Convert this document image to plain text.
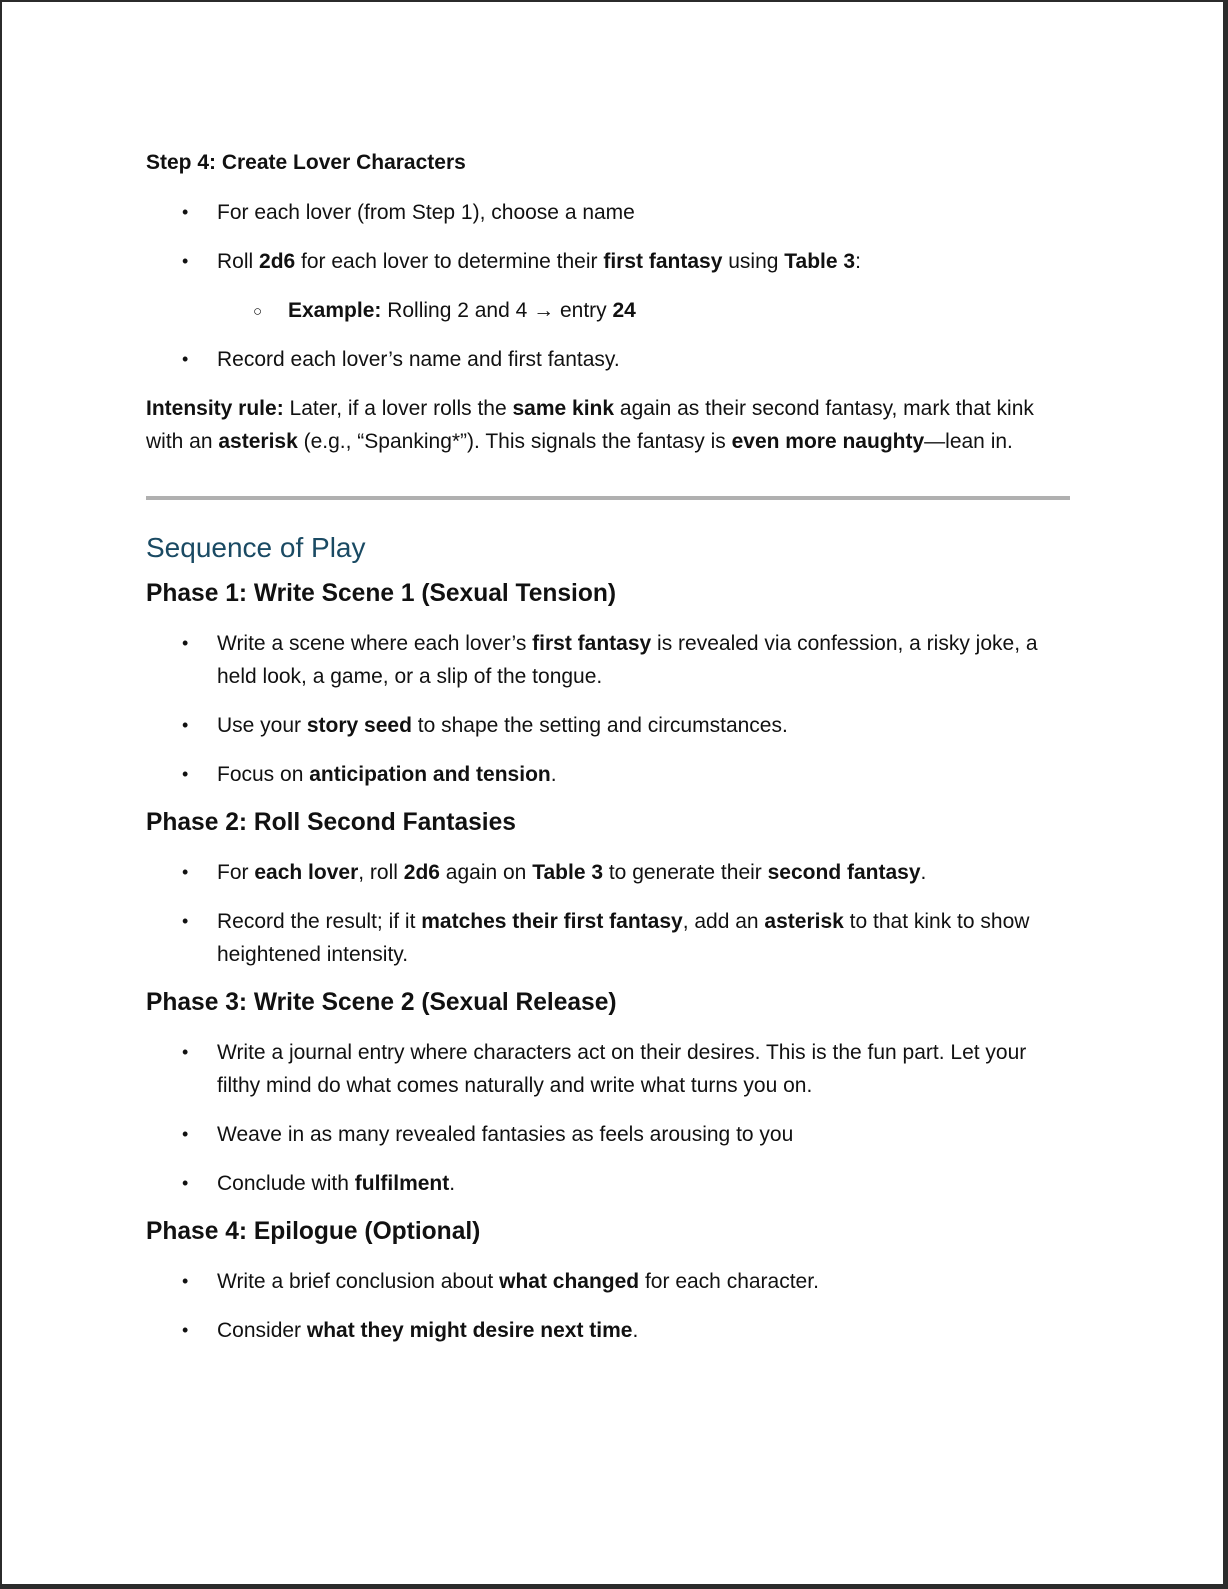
Step 4: Create Lover Characters
• For each lover (from Step 1), choose a name
• Roll 2d6 for each lover to determine their first fantasy using Table 3:
○ Example: Rolling 2 and 4 → entry 24
• Record each lover’s name and first fantasy.

Intensity rule: Later, if a lover rolls the same kink again as their second fantasy, mark that kink with an asterisk (e.g., “Spanking*”). This signals the fantasy is even more naughty—lean in.

Sequence of Play
Phase 1: Write Scene 1 (Sexual Tension)
• Write a scene where each lover’s first fantasy is revealed via confession, a risky joke, a held look, a game, or a slip of the tongue.
• Use your story seed to shape the setting and circumstances.
• Focus on anticipation and tension.
Phase 2: Roll Second Fantasies
• For each lover, roll 2d6 again on Table 3 to generate their second fantasy.
• Record the result; if it matches their first fantasy, add an asterisk to that kink to show heightened intensity.
Phase 3: Write Scene 2 (Sexual Release)
• Write a journal entry where characters act on their desires. This is the fun part. Let your filthy mind do what comes naturally and write what turns you on.
• Weave in as many revealed fantasies as feels arousing to you
• Conclude with fulfilment.
Phase 4: Epilogue (Optional)
• Write a brief conclusion about what changed for each character.
• Consider what they might desire next time.
